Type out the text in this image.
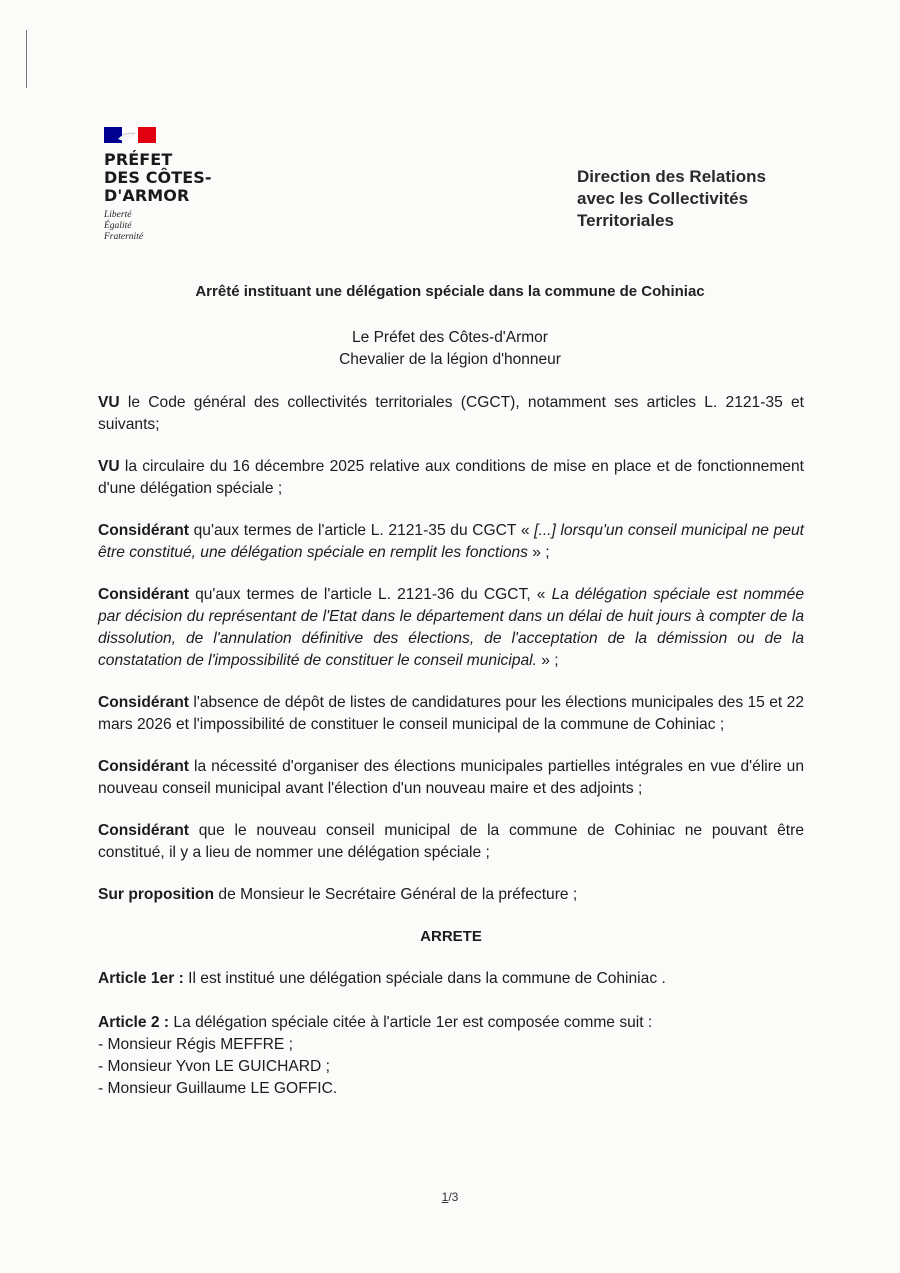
PRÉFET
DES CÔTES-
D'ARMOR
Liberté
Égalité
Fraternité
Direction des Relations
avec les Collectivités
Territoriales
Arrêté instituant une délégation spéciale dans la commune de Cohiniac
Le Préfet des Côtes-d'Armor
Chevalier de la légion d'honneur

VU le Code général des collectivités territoriales (CGCT), notamment ses articles L. 2121-35 et suivants;

VU la circulaire du 16 décembre 2025 relative aux conditions de mise en place et de fonctionnement d'une délégation spéciale ;

Considérant qu'aux termes de l'article L. 2121-35 du CGCT « [...] lorsqu'un conseil municipal ne peut être constitué, une délégation spéciale en remplit les fonctions » ;

Considérant qu'aux termes de l'article L. 2121-36 du CGCT, « La délégation spéciale est nommée par décision du représentant de l'Etat dans le département dans un délai de huit jours à compter de la dissolution, de l'annulation définitive des élections, de l'acceptation de la démission ou de la constatation de l'impossibilité de constituer le conseil municipal. » ;

Considérant l'absence de dépôt de listes de candidatures pour les élections municipales des 15 et 22 mars 2026 et l'impossibilité de constituer le conseil municipal de la commune de Cohiniac ;

Considérant la nécessité d'organiser des élections municipales partielles intégrales en vue d'élire un nouveau conseil municipal avant l'élection d'un nouveau maire et des adjoints ;

Considérant que le nouveau conseil municipal de la commune de Cohiniac ne pouvant être constitué, il y a lieu de nommer une délégation spéciale ;

Sur proposition de Monsieur le Secrétaire Général de la préfecture ;

ARRETE

Article 1er : Il est institué une délégation spéciale dans la commune de Cohiniac .

Article 2 : La délégation spéciale citée à l'article 1er est composée comme suit :

- Monsieur Régis MEFFRE ;
- Monsieur Yvon LE GUICHARD ;
- Monsieur Guillaume LE GOFFIC.
1/3
